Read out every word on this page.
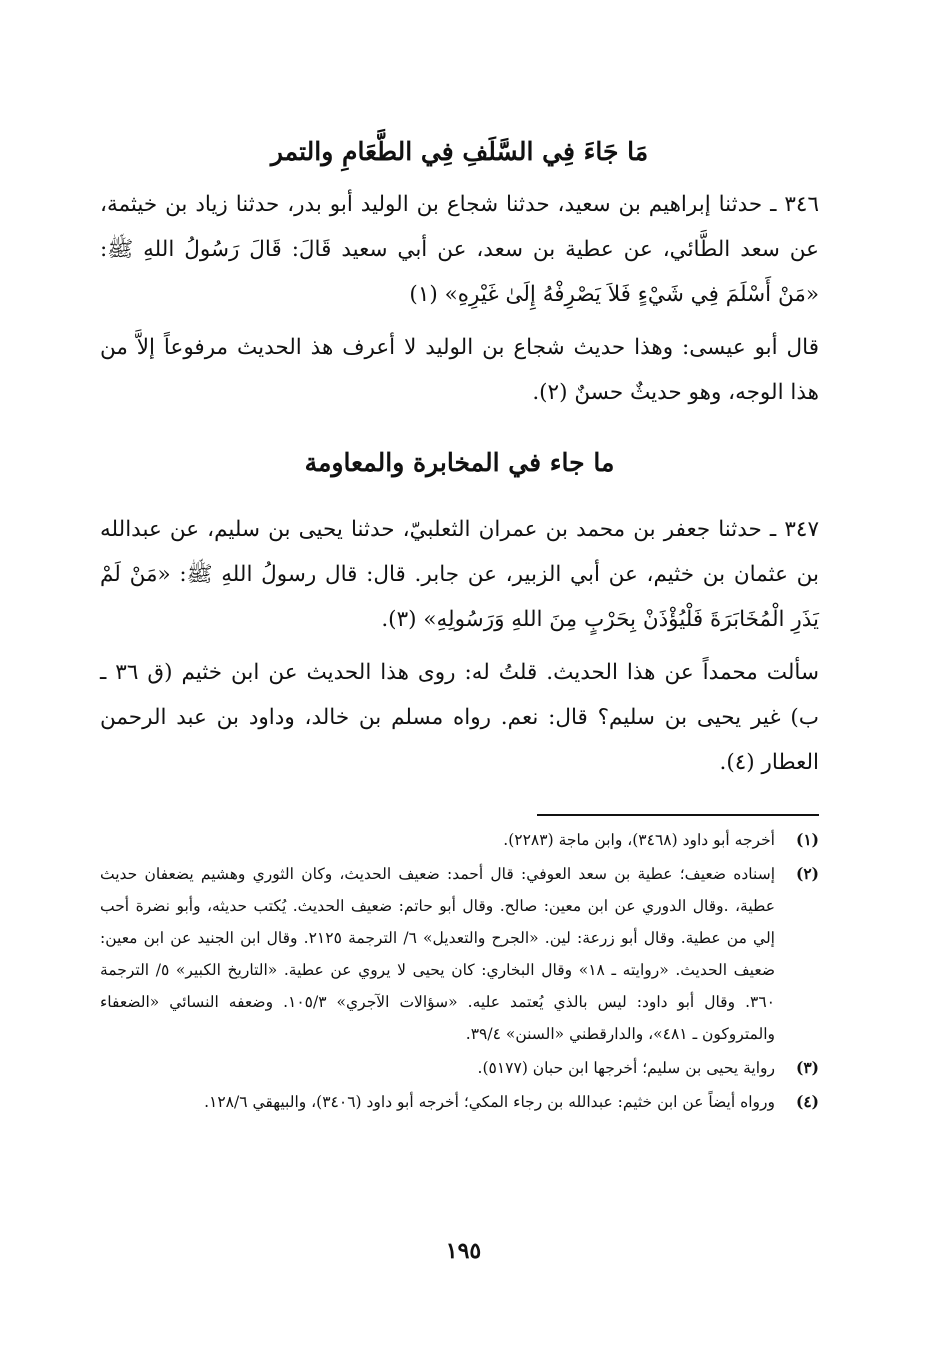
مَا جَاءَ فِي السَّلَفِ فِي الطَّعَامِ والتمر

٣٤٦ ـ حدثنا إبراهيم بن سعيد، حدثنا شجاع بن الوليد أبو بدر، حدثنا زياد بن خيثمة، عن سعد الطَّائي، عن عطية بن سعد، عن أبي سعيد قَالَ: قَالَ رَسُولُ اللهِ ﷺ: «مَنْ أَسْلَمَ فِي شَيْءٍ فَلاَ يَصْرِفْهُ إِلَىٰ غَيْرِهِ» (١)

قال أبو عيسى: وهذا حديث شجاع بن الوليد لا أعرف هذ الحديث مرفوعاً إلاَّ من هذا الوجه، وهو حديثٌ حسنٌ (٢).

ما جاء في المخابرة والمعاومة

٣٤٧ ـ حدثنا جعفر بن محمد بن عمران الثعلبيّ، حدثنا يحيى بن سليم، عن عبدالله بن عثمان بن خثيم، عن أبي الزبير، عن جابر. قال: قال رسولُ اللهِ ﷺ: «مَنْ لَمْ يَذَرِ الْمُخَابَرَةَ فَلْيُؤْذَنْ بِحَرْبٍ مِنَ اللهِ وَرَسُولِهِ» (٣).

سألت محمداً عن هذا الحديث. قلتُ له: روى هذا الحديث عن ابن خثيم (ق ٣٦ ـ ب) غير يحيى بن سليم؟ قال: نعم. رواه مسلم بن خالد، وداود بن عبد الرحمن العطار (٤).

(١)
أخرجه أبو داود (٣٤٦٨)، وابن ماجة (٢٢٨٣).
(٢)
إسناده ضعيف؛ عطية بن سعد العوفي: قال أحمد: ضعيف الحديث، وكان الثوري وهشيم يضعفان حديث عطية، .وقال الدوري عن ابن معين: صالح. وقال أبو حاتم: ضعيف الحديث. يُكتب حديثه، وأبو نضرة أحب إلي من عطية. وقال أبو زرعة: لين. «الجرح والتعديل» ٦/ الترجمة ٢١٢٥. وقال ابن الجنيد عن ابن معين: ضعيف الحديث. «روايته ـ ١٨» وقال البخاري: كان يحيى لا يروي عن عطية. «التاريخ الكبير» ٥/ الترجمة ٣٦٠. وقال أبو داود: ليس بالذي يُعتمد عليه. «سؤالات الآجري» ١٠٥/٣. وضعفه النسائي «الضعفاء والمتروكون ـ ٤٨١»، والدارقطني «السنن» ٣٩/٤.
(٣)
رواية يحيى بن سليم؛ أخرجها ابن حبان (٥١٧٧).
(٤)
ورواه أيضاً عن ابن خثيم: عبدالله بن رجاء المكي؛ أخرجه أبو داود (٣٤٠٦)، والبيهقي ١٢٨/٦.
١٩٥
